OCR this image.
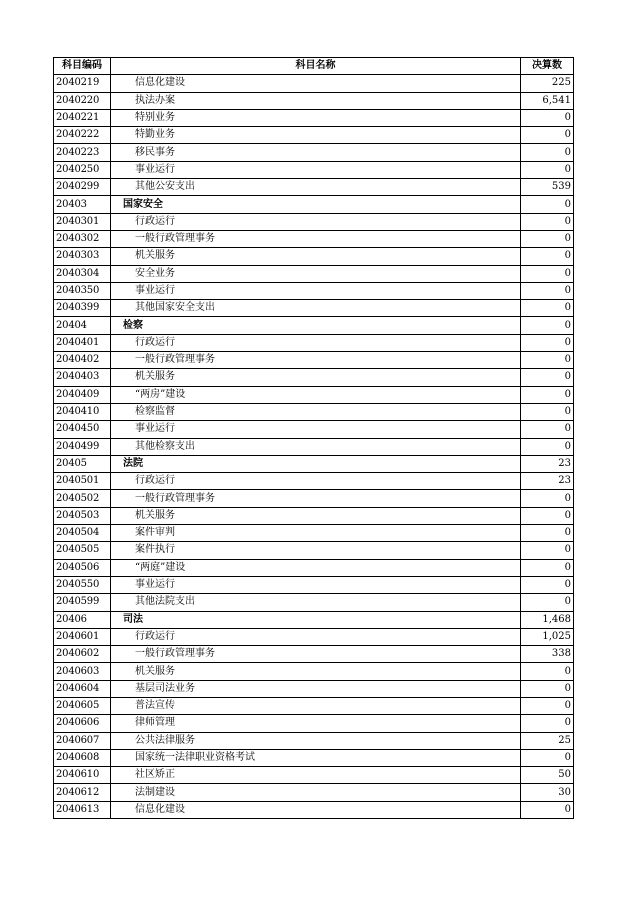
科目编码	科目名称	决算数
2040219	信息化建设	225
2040220	执法办案	6,541
2040221	特别业务	0
2040222	特勤业务	0
2040223	移民事务	0
2040250	事业运行	0
2040299	其他公安支出	539
20403	国家安全	0
2040301	行政运行	0
2040302	一般行政管理事务	0
2040303	机关服务	0
2040304	安全业务	0
2040350	事业运行	0
2040399	其他国家安全支出	0
20404	检察	0
2040401	行政运行	0
2040402	一般行政管理事务	0
2040403	机关服务	0
2040409	“两房”建设	0
2040410	检察监督	0
2040450	事业运行	0
2040499	其他检察支出	0
20405	法院	23
2040501	行政运行	23
2040502	一般行政管理事务	0
2040503	机关服务	0
2040504	案件审判	0
2040505	案件执行	0
2040506	“两庭”建设	0
2040550	事业运行	0
2040599	其他法院支出	0
20406	司法	1,468
2040601	行政运行	1,025
2040602	一般行政管理事务	338
2040603	机关服务	0
2040604	基层司法业务	0
2040605	普法宣传	0
2040606	律师管理	0
2040607	公共法律服务	25
2040608	国家统一法律职业资格考试	0
2040610	社区矫正	50
2040612	法制建设	30
2040613	信息化建设	0
